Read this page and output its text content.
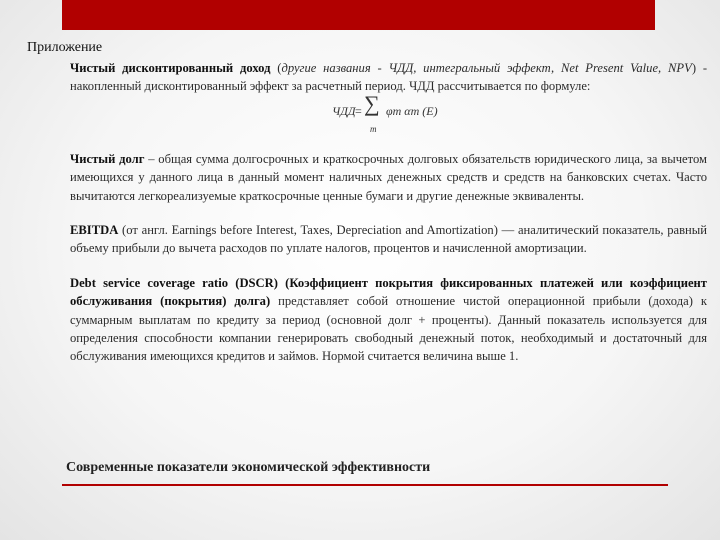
Приложение

Чистый дисконтированный доход (другие названия - ЧДД, интегральный эффект, Net Present Value, NPV) - накопленный дисконтированный эффект за расчетный период. ЧДД рассчитывается по формуле:

ЧДД = ∑
m
φm αm (E)

Чистый долг – общая сумма долгосрочных и краткосрочных долговых обязательств юридического лица, за вычетом имеющихся у данного лица в данный момент наличных денежных средств и средств на банковских счетах. Часто вычитаются легкореализуемые краткосрочные ценные бумаги и другие денежные эквиваленты.

EBITDA (от англ. Earnings before Interest, Taxes, Depreciation and Amortization) — аналитический показатель, равный объему прибыли до вычета расходов по уплате налогов, процентов и начисленной амортизации.

Debt service coverage ratio (DSCR) (Коэффициент покрытия фиксированных платежей или коэффициент обслуживания (покрытия) долга) представляет собой отношение чистой операционной прибыли (дохода) к суммарным выплатам по кредиту за период (основной долг + проценты). Данный показатель используется для определения способности компании генерировать свободный денежный поток, необходимый и достаточный для обслуживания имеющихся кредитов и займов. Нормой считается величина выше 1.

Современные показатели экономической эффективности
